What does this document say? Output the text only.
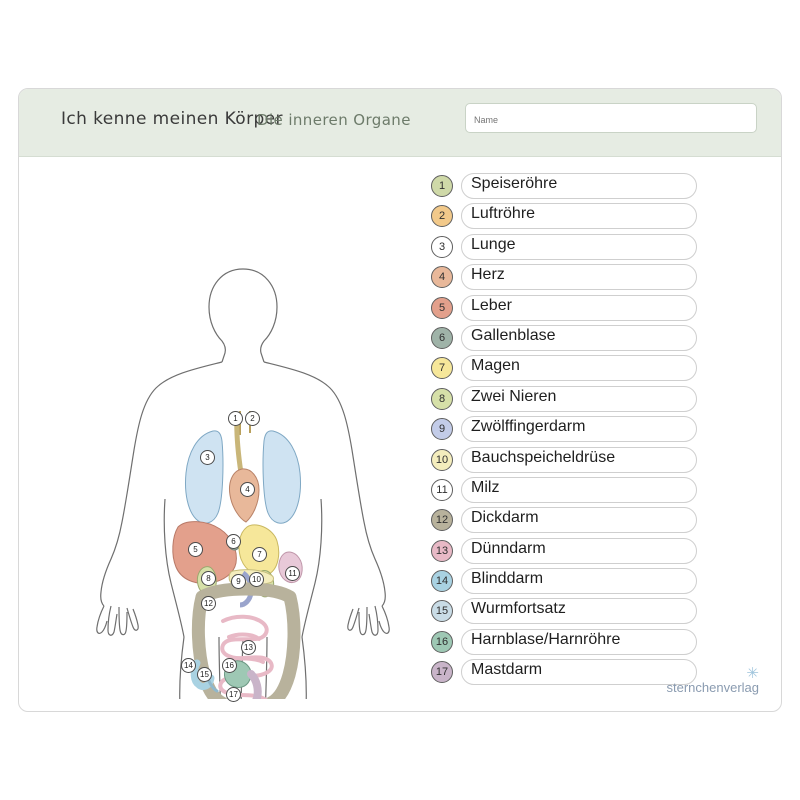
Ich kenne meinen Körper
Die inneren Organe
Name
1	2
3
4
5
6
7
8	9	10
11
12
13
14
15
16
17
1	Speiseröhre
2	Luftröhre
3	Lunge
4	Herz
5	Leber
6	Gallenblase
7	Magen
8	Zwei Nieren
9	Zwölffingerdarm
10	Bauchspeicheldrüse
11	Milz
12	Dickdarm
13	Dünndarm
14	Blinddarm
15	Wurmfortsatz
16	Harnblase/Harnröhre
17	Mastdarm	✳
sternchenverlag
